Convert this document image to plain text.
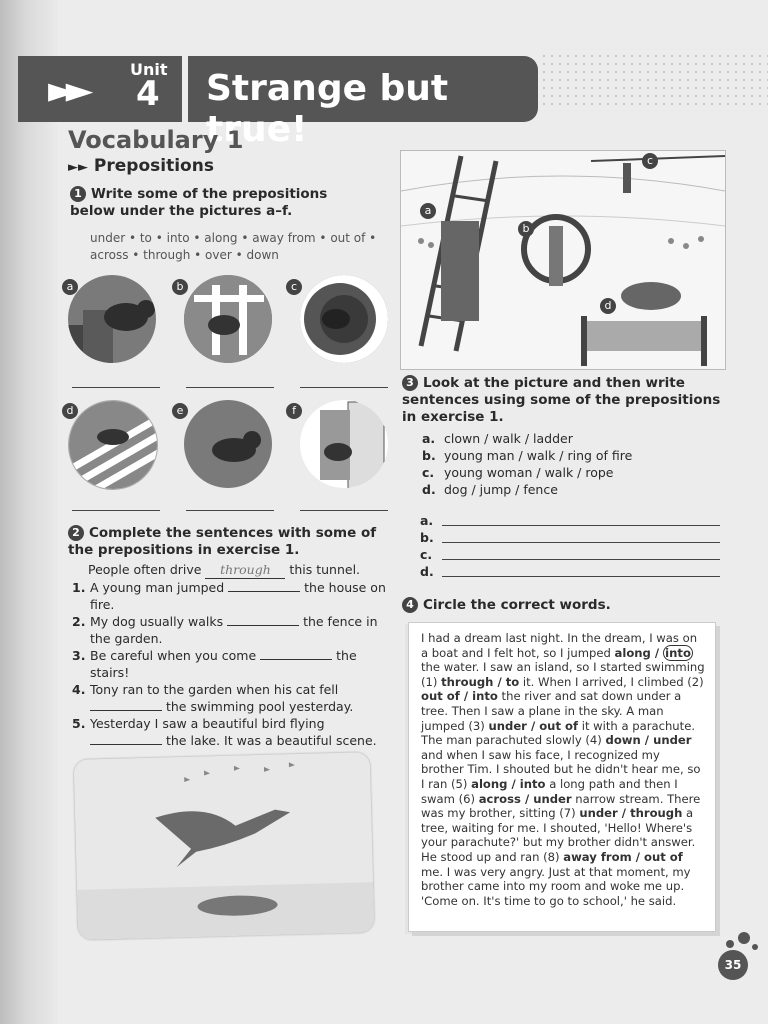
►►
Unit
4 Strange but true!
Vocabulary 1
►► Prepositions
1 Write some of the prepositions below under the pictures a–f.
under • to • into • along • away from • out of • across • through • over • down
a	b	c
d	e	f
2 Complete the sentences with some of the prepositions in exercise 1.
People often drive through this tunnel.
1. A young man jumped	the house on fire.
2. My dog usually walks	the fence in the garden.
3. Be careful when you come	the stairs!
4. Tony ran to the garden when his cat fell  the swimming pool yesterday.
5. Yesterday I saw a beautiful bird flying  the lake. It was a beautiful scene.
a
b
c
d
3 Look at the picture and then write sentences using some of the prepositions in exercise 1.
a. clown / walk / ladder
b. young man / walk / ring of fire
c. young woman / walk / rope
d. dog / jump / fence
a.
b.
c.
d.
4 Circle the correct words.
I had a dream last night. In the dream, I was on a boat and I felt hot, so I jumped along / into the water. I saw an island, so I started swimming (1) through / to it. When I arrived, I climbed (2) out of / into the river and sat down under a tree. Then I saw a plane in the sky. A man jumped (3) under / out of it with a parachute. The man parachuted slowly (4) down / under and when I saw his face, I recognized my brother Tim. I shouted but he didn't hear me, so I ran (5) along / into a long path and then I swam (6) across / under narrow stream. There was my brother, sitting (7) under / through a tree, waiting for me. I shouted, 'Hello! Where's your parachute?' but my brother didn't answer. He stood up and ran (8) away from / out of me. I was very angry. Just at that moment, my brother came into my room and woke me up. 'Come on. It's time to go to school,' he said.
35
